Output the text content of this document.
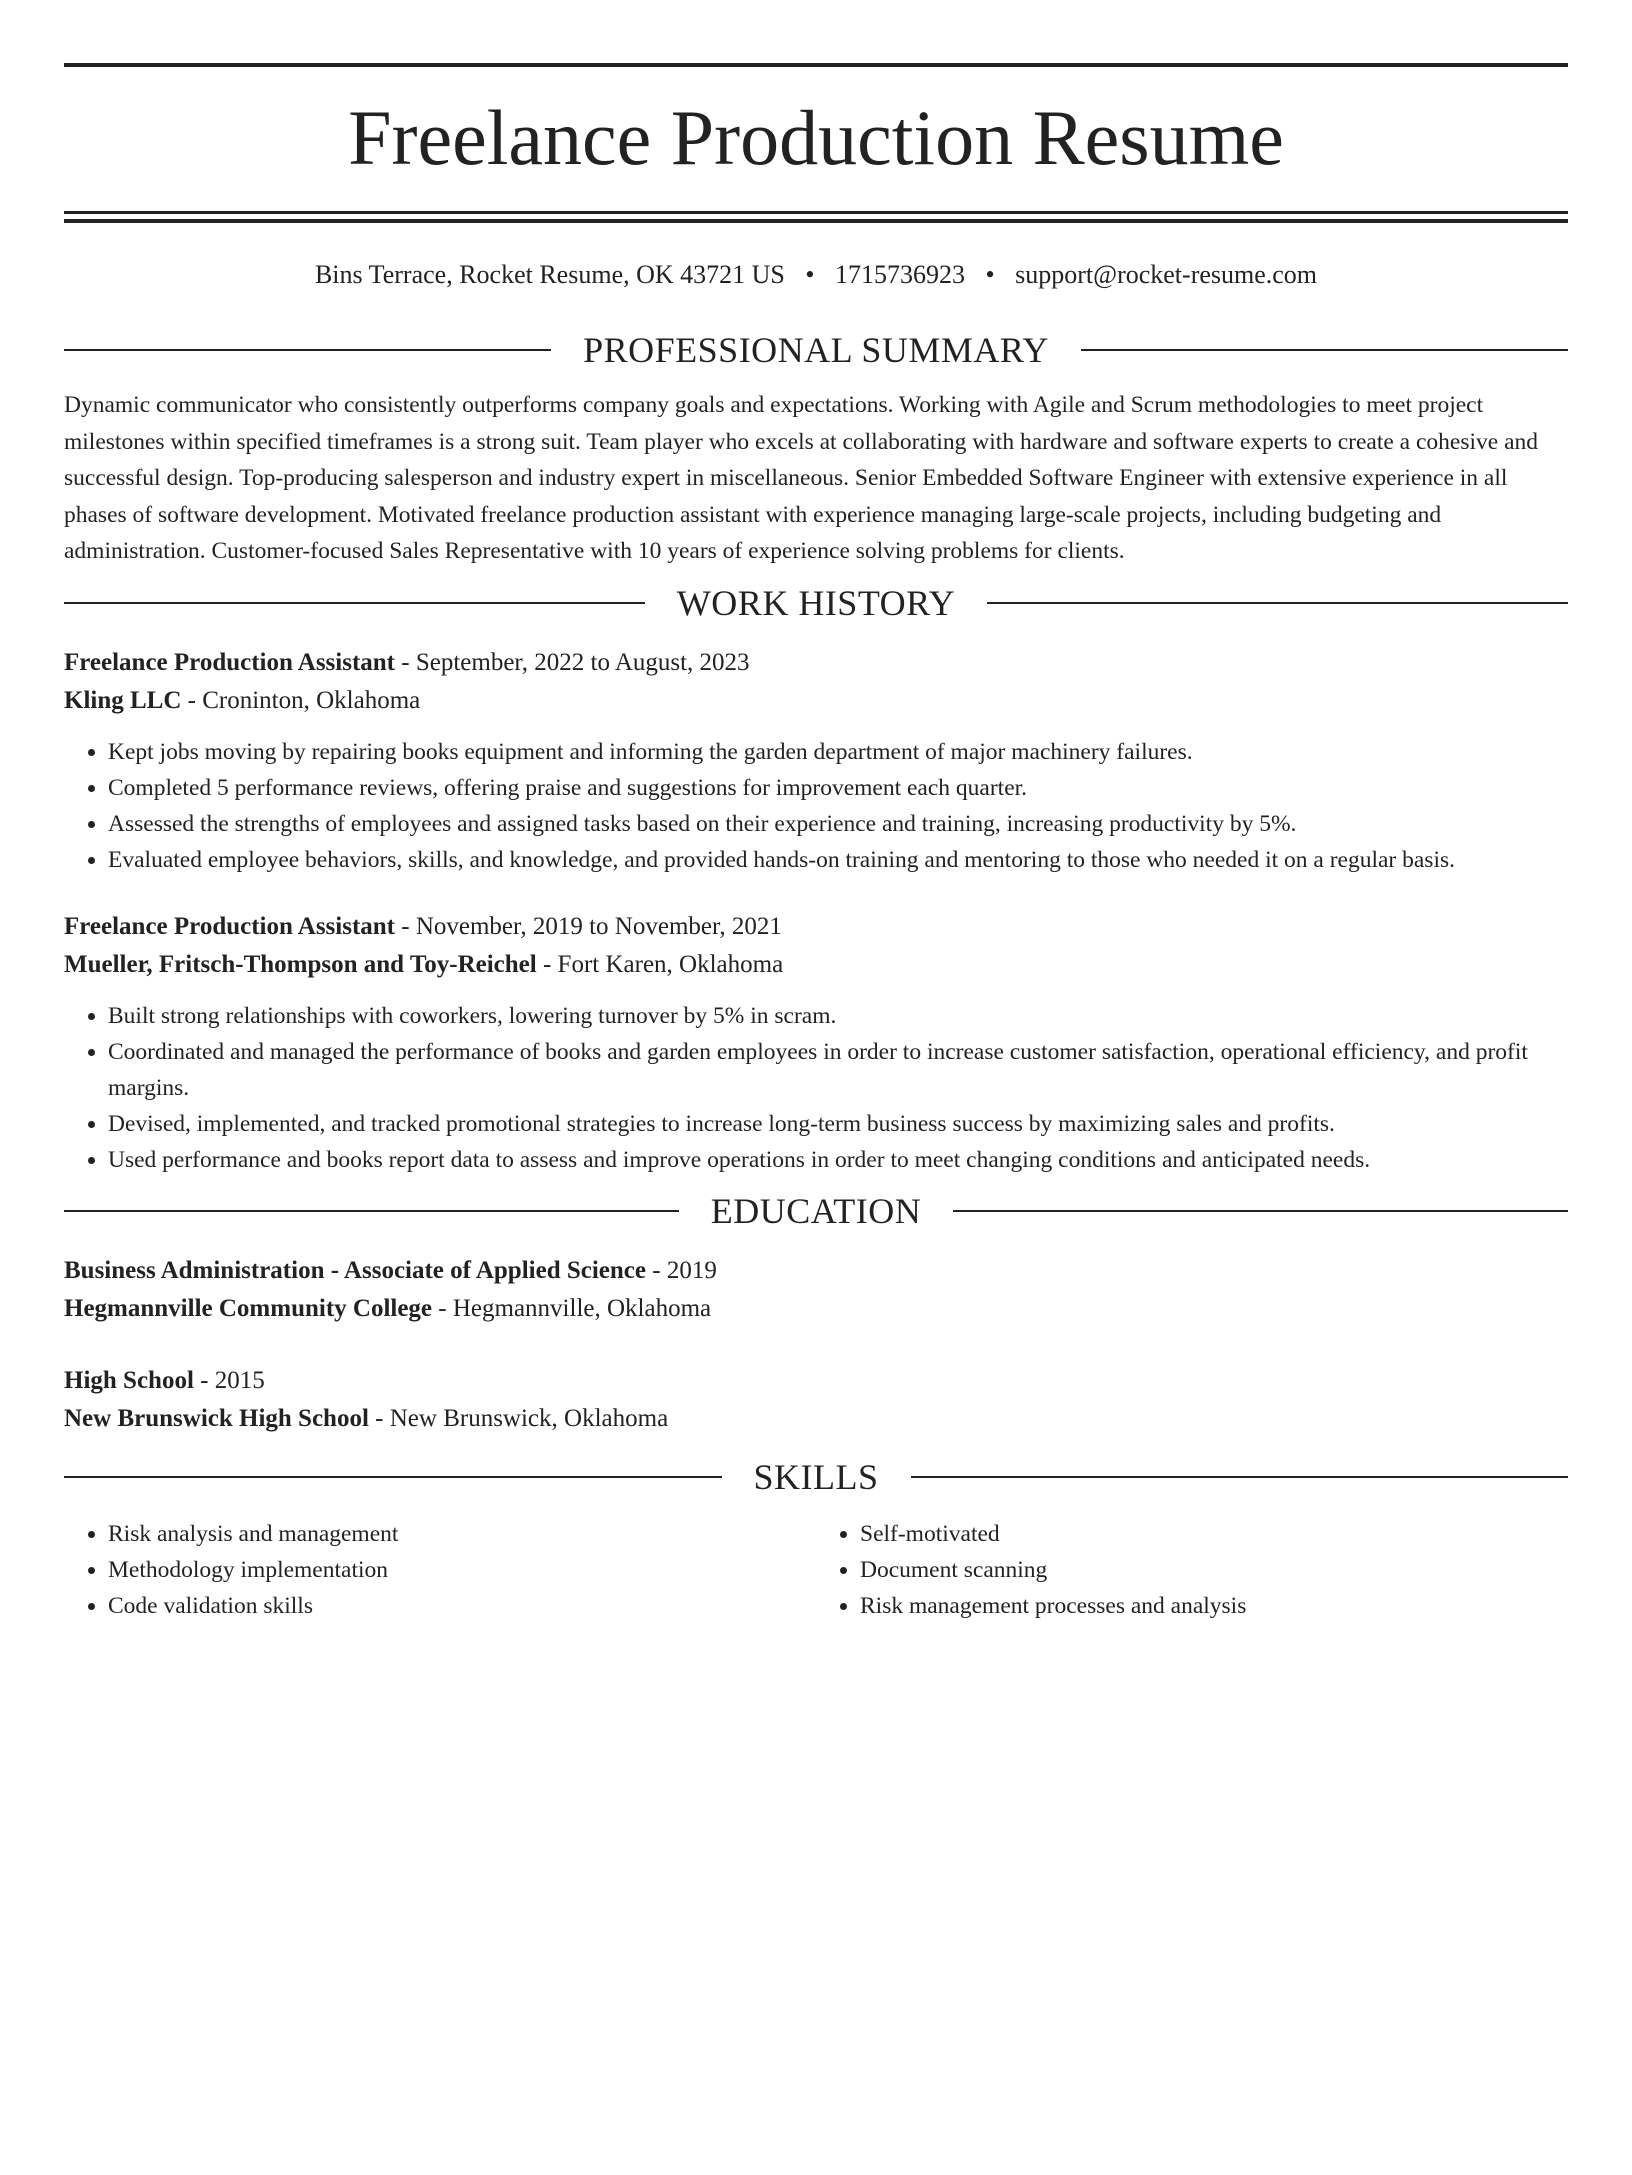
Freelance Production Resume
Bins Terrace, Rocket Resume, OK 43721 US • 1715736923 • support@rocket-resume.com
PROFESSIONAL SUMMARY
Dynamic communicator who consistently outperforms company goals and expectations. Working with Agile and Scrum methodologies to meet project milestones within specified timeframes is a strong suit. Team player who excels at collaborating with hardware and software experts to create a cohesive and successful design. Top-producing salesperson and industry expert in miscellaneous. Senior Embedded Software Engineer with extensive experience in all phases of software development. Motivated freelance production assistant with experience managing large-scale projects, including budgeting and administration. Customer-focused Sales Representative with 10 years of experience solving problems for clients.
WORK HISTORY
Freelance Production Assistant - September, 2022 to August, 2023
Kling LLC - Croninton, Oklahoma
• Kept jobs moving by repairing books equipment and informing the garden department of major machinery failures.
• Completed 5 performance reviews, offering praise and suggestions for improvement each quarter.
• Assessed the strengths of employees and assigned tasks based on their experience and training, increasing productivity by 5%.
• Evaluated employee behaviors, skills, and knowledge, and provided hands-on training and mentoring to those who needed it on a regular basis.
Freelance Production Assistant - November, 2019 to November, 2021
Mueller, Fritsch-Thompson and Toy-Reichel - Fort Karen, Oklahoma
• Built strong relationships with coworkers, lowering turnover by 5% in scram.
• Coordinated and managed the performance of books and garden employees in order to increase customer satisfaction, operational efficiency, and profit margins.
• Devised, implemented, and tracked promotional strategies to increase long-term business success by maximizing sales and profits.
• Used performance and books report data to assess and improve operations in order to meet changing conditions and anticipated needs.
EDUCATION
Business Administration - Associate of Applied Science - 2019
Hegmannville Community College - Hegmannville, Oklahoma
High School - 2015
New Brunswick High School - New Brunswick, Oklahoma
SKILLS
• Risk analysis and management
• Methodology implementation
• Code validation skills
• Self-motivated
• Document scanning
• Risk management processes and analysis
